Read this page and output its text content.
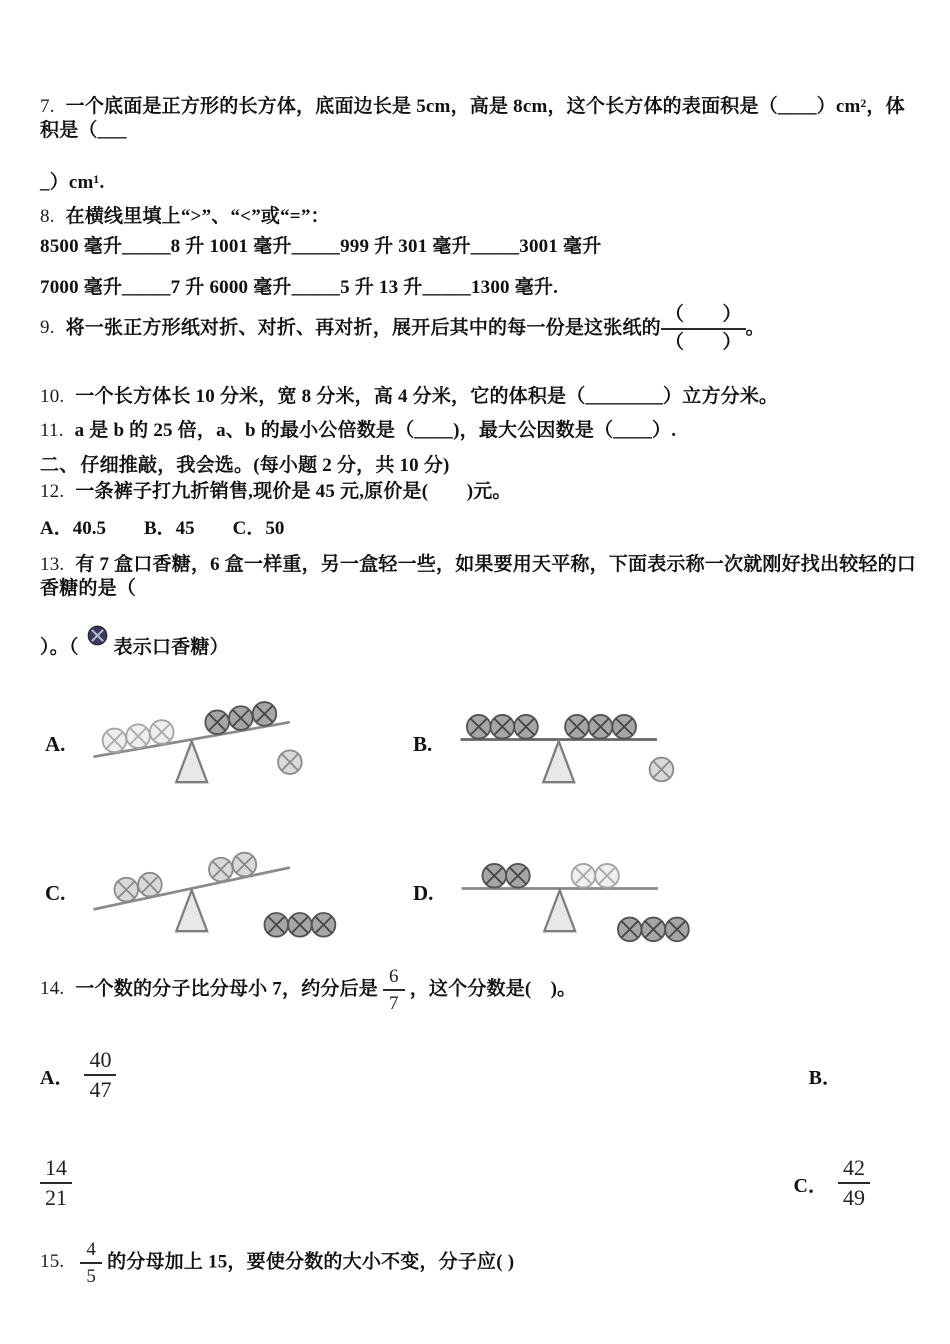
7. 一个底面是正方形的长方体，底面边长是 5cm，高是 8cm，这个长方体的表面积是（____）cm²，体积是（___

_）cm¹.

8. 在横线里填上“>”、“<”或“=”：

8500 毫升_____8 升 1001 毫升_____999 升 301 毫升_____3001 毫升

7000 毫升_____7 升 6000 毫升_____5 升 13 升_____1300 毫升.

9. 将一张正方形纸对折、对折、再对折，展开后其中的每一份是这张纸的 $\frac{( )}{( )}$ 。

10. 一个长方体长 10 分米，宽 8 分米，高 4 分米，它的体积是（________）立方分米。

11. a 是 b 的 25 倍，a、b 的最小公倍数是（____)，最大公因数是（____）.

二、 仔细推敲，我会选。(每小题 2 分，共 10 分)

12. 一条裤子打九折销售,现价是 45 元,原价是(　　)元。

A．40.5 B．45 C．50

13. 有 7 盒口香糖，6 盒一样重，另一盒轻一些，如果要用天平称，下面表示称一次就刚好找出较轻的口香糖的是（

）。（ 表示口香糖）

A.	B.
C.	D.

14. 一个数的分子比分母小 7，约分后是 $\frac{6}{7}$ ，这个分数是(　)。

A． $\frac{40}{47}$	B．
$\frac{14}{21}$	C． $\frac{42}{49}$

15. $\frac{4}{5}$ 的分母加上 15，要使分数的大小不变，分子应( )
